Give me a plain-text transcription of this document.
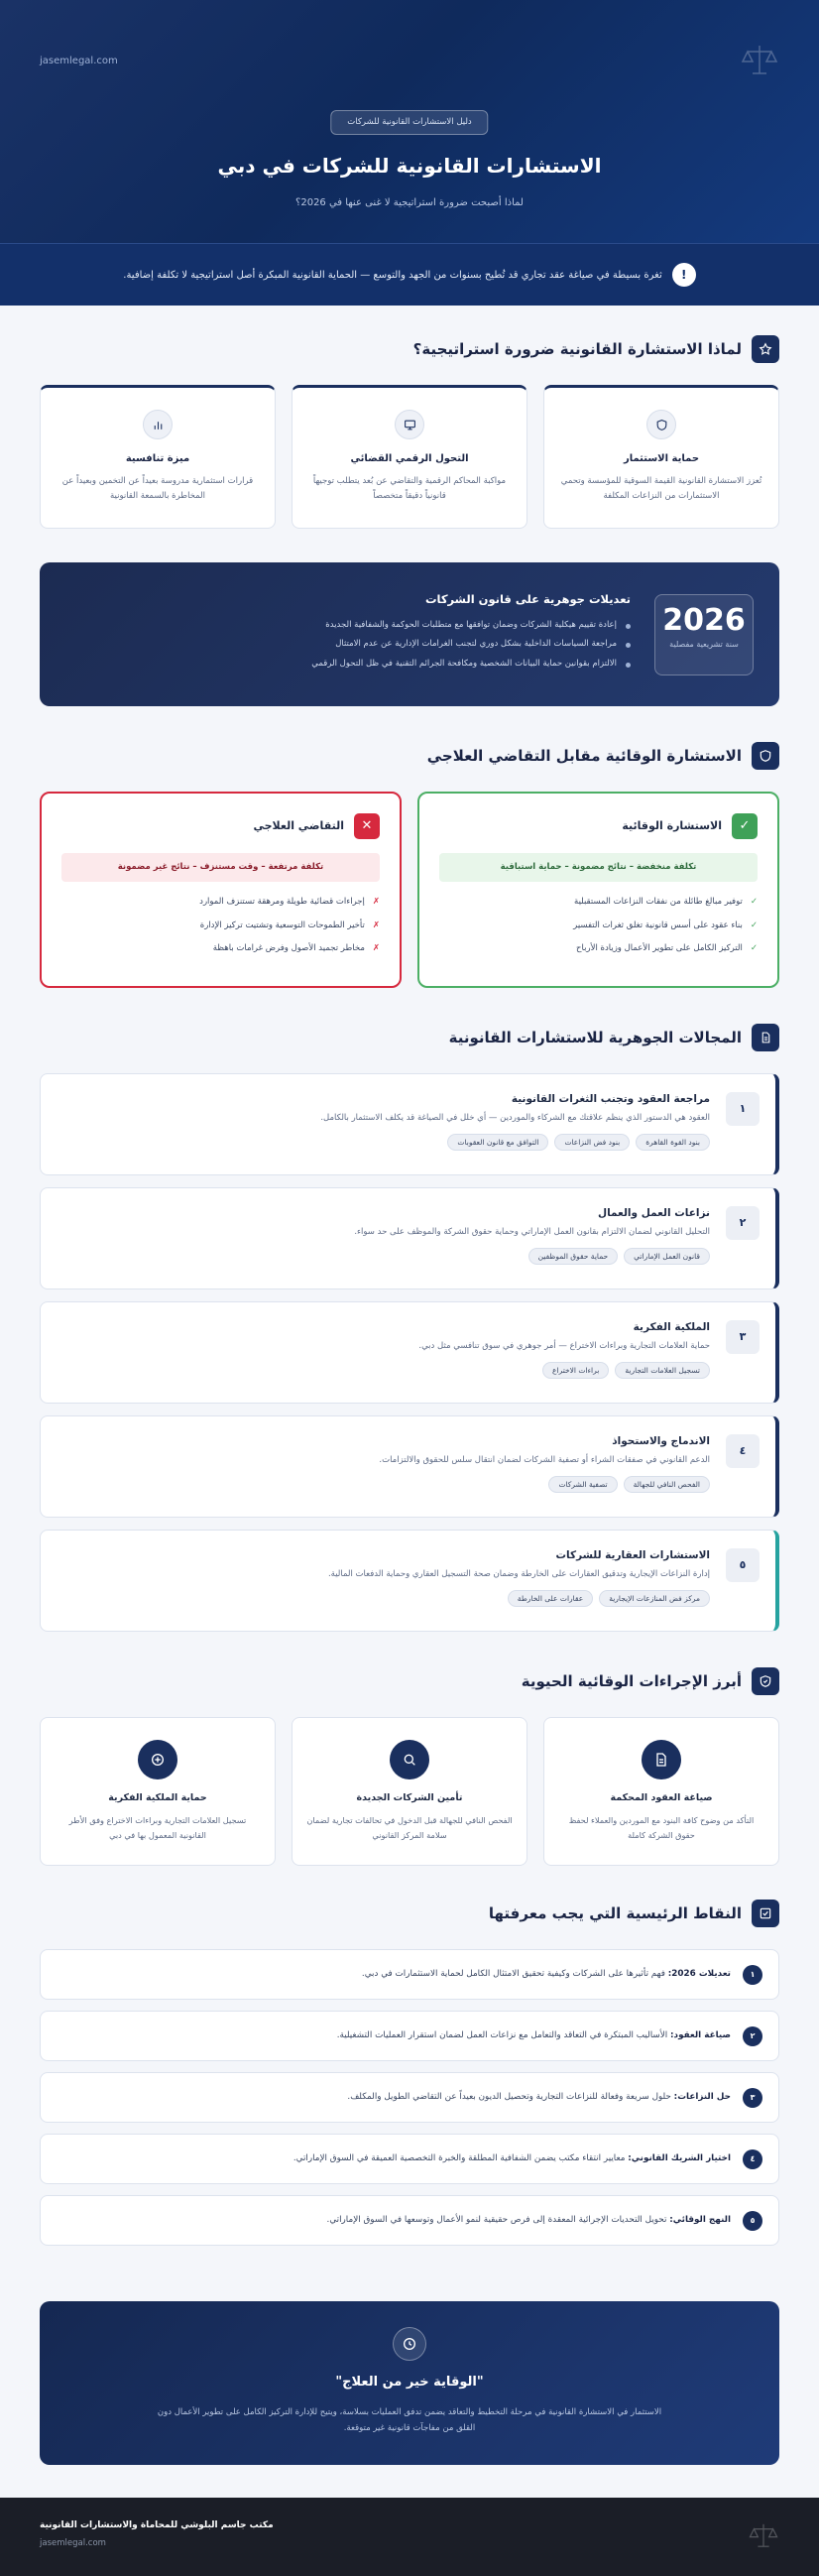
jasemlegal.com
دليل الاستشارات القانونية للشركات
الاستشارات القانونية للشركات في دبي
لماذا أصبحت ضرورة استراتيجية لا غنى عنها في 2026؟
!
ثغرة بسيطة في صياغة عقد تجاري قد تُطيح بسنوات من الجهد والتوسع — الحماية القانونية المبكرة أصل استراتيجية لا تكلفة إضافية.
لماذا الاستشارة القانونية ضرورة استراتيجية؟
حماية الاستثمار

تُعزز الاستشارة القانونية القيمة السوقية للمؤسسة وتحمي الاستثمارات من النزاعات المكلفة

التحول الرقمي القضائي

مواكبة المحاكم الرقمية والتقاضي عن بُعد يتطلب توجيهاً قانونياً دقيقاً متخصصاً

ميزة تنافسية

قرارات استثمارية مدروسة بعيداً عن التخمين وبعيداً عن المخاطرة بالسمعة القانونية

2026
سنة تشريعية مفصلية
تعديلات جوهرية على قانون الشركات
إعادة تقييم هيكلية الشركات وضمان توافقها مع متطلبات الحوكمة والشفافية الجديدة
مراجعة السياسات الداخلية بشكل دوري لتجنب الغرامات الإدارية عن عدم الامتثال
الالتزام بقوانين حماية البيانات الشخصية ومكافحة الجرائم التقنية في ظل التحول الرقمي
الاستشارة الوقائية مقابل التقاضي العلاجي
✓
الاستشارة الوقائية
تكلفة منخفضة – نتائج مضمونة – حماية استباقية
✓
توفير مبالغ طائلة من نفقات النزاعات المستقبلية
✓
بناء عقود على أسس قانونية تغلق ثغرات التفسير
✓
التركيز الكامل على تطوير الأعمال وزيادة الأرباح
✕
التقاضي العلاجي
تكلفة مرتفعة – وقت مستنزف – نتائج غير مضمونة
✗
إجراءات قضائية طويلة ومرهقة تستنزف الموارد
✗
تأخير الطموحات التوسعية وتشتيت تركيز الإدارة
✗
مخاطر تجميد الأصول وفرض غرامات باهظة
المجالات الجوهرية للاستشارات القانونية
١
مراجعة العقود وتجنب الثغرات القانونية

العقود هي الدستور الذي ينظم علاقتك مع الشركاء والموردين — أي خلل في الصياغة قد يكلف الاستثمار بالكامل.

بنود القوة القاهرة
بنود فض النزاعات
التوافق مع قانون العقوبات
٢
نزاعات العمل والعمال

التحليل القانوني لضمان الالتزام بقانون العمل الإماراتي وحماية حقوق الشركة والموظف على حد سواء.

قانون العمل الإماراتي
حماية حقوق الموظفين
٣
الملكية الفكرية

حماية العلامات التجارية وبراءات الاختراع — أمر جوهري في سوق تنافسي مثل دبي.

تسجيل العلامات التجارية
براءات الاختراع
٤
الاندماج والاستحواذ

الدعم القانوني في صفقات الشراء أو تصفية الشركات لضمان انتقال سلس للحقوق والالتزامات.

الفحص النافي للجهالة
تصفية الشركات
٥
الاستشارات العقارية للشركات

إدارة النزاعات الإيجارية وتدقيق العقارات على الخارطة وضمان صحة التسجيل العقاري وحماية الدفعات المالية.

مركز فض المنازعات الإيجارية
عقارات على الخارطة
أبرز الإجراءات الوقائية الحيوية
صياغة العقود المحكمة

التأكد من وضوح كافة البنود مع الموردين والعملاء لحفظ حقوق الشركة كاملة

تأمين الشركات الجديدة

الفحص النافي للجهالة قبل الدخول في تحالفات تجارية لضمان سلامة المركز القانوني

حماية الملكية الفكرية

تسجيل العلامات التجارية وبراءات الاختراع وفق الأطر القانونية المعمول بها في دبي

النقاط الرئيسية التي يجب معرفتها
١

تعديلات 2026: فهم تأثيرها على الشركات وكيفية تحقيق الامتثال الكامل لحماية الاستثمارات في دبي.

٢

صياغة العقود: الأساليب المبتكرة في التعاقد والتعامل مع نزاعات العمل لضمان استقرار العمليات التشغيلية.

٣

حل النزاعات: حلول سريعة وفعالة للنزاعات التجارية وتحصيل الديون بعيداً عن التقاضي الطويل والمكلف.

٤

اختيار الشريك القانوني: معايير انتقاء مكتب يضمن الشفافية المطلقة والخبرة التخصصية العميقة في السوق الإماراتي.

٥

النهج الوقائي: تحويل التحديات الإجرائية المعقدة إلى فرص حقيقية لنمو الأعمال وتوسعها في السوق الإماراتي.

"الوقاية خير من العلاج"

الاستثمار في الاستشارة القانونية في مرحلة التخطيط والتعاقد يضمن تدفق العمليات بسلاسة، ويتيح للإدارة التركيز الكامل على تطوير الأعمال دون القلق من مفاجآت قانونية غير متوقعة.

مكتب جاسم البلوشي للمحاماة والاستشارات القانونية
jasemlegal.com
